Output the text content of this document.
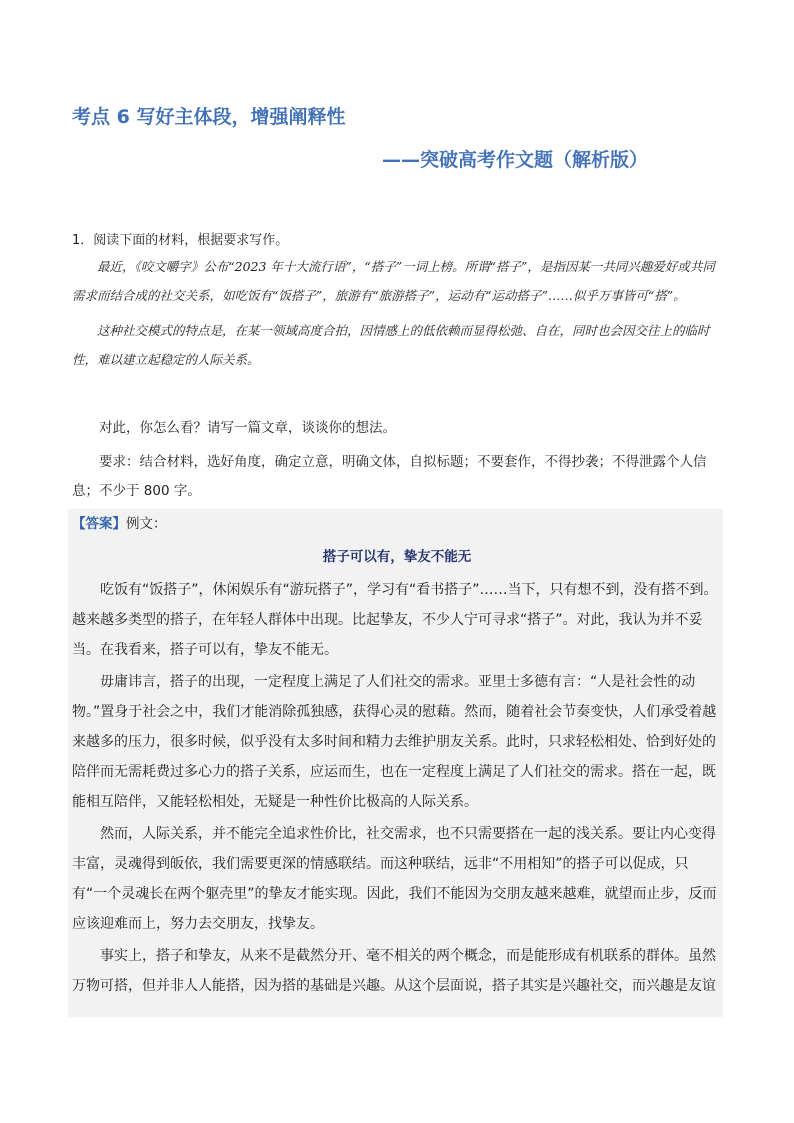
考点 6 写好主体段，增强阐释性
——突破高考作文题（解析版）
1．阅读下面的材料，根据要求写作。

最近，《咬文嚼字》公布“2023 年十大流行语”，“搭子”一词上榜。所谓“搭子”，是指因某一共同兴趣爱好或共同需求而结合成的社交关系，如吃饭有“饭搭子”，旅游有“旅游搭子”，运动有“运动搭子”……似乎万事皆可“搭”。

这种社交模式的特点是，在某一领域高度合拍，因情感上的低依赖而显得松弛、自在，同时也会因交往上的临时性，难以建立起稳定的人际关系。

对此，你怎么看？请写一篇文章，谈谈你的想法。
要求：结合材料，选好角度，确定立意，明确文体，自拟标题；不要套作，不得抄袭；不得泄露个人信息；不少于 800 字。
【答案】例文：
搭子可以有，挚友不能无

吃饭有“饭搭子”，休闲娱乐有“游玩搭子”，学习有“看书搭子”……当下，只有想不到，没有搭不到。越来越多类型的搭子，在年轻人群体中出现。比起挚友，不少人宁可寻求“搭子”。对此，我认为并不妥当。在我看来，搭子可以有，挚友不能无。

毋庸讳言，搭子的出现，一定程度上满足了人们社交的需求。亚里士多德有言：“人是社会性的动物。”置身于社会之中，我们才能消除孤独感，获得心灵的慰藉。然而，随着社会节奏变快，人们承受着越来越多的压力，很多时候，似乎没有太多时间和精力去维护朋友关系。此时，只求轻松相处、恰到好处的陪伴而无需耗费过多心力的搭子关系，应运而生，也在一定程度上满足了人们社交的需求。搭在一起，既能相互陪伴，又能轻松相处，无疑是一种性价比极高的人际关系。

然而，人际关系，并不能完全追求性价比，社交需求，也不只需要搭在一起的浅关系。要让内心变得丰富，灵魂得到皈依，我们需要更深的情感联结。而这种联结，远非“不用相知”的搭子可以促成，只有“一个灵魂长在两个躯壳里”的挚友才能实现。因此，我们不能因为交朋友越来越难，就望而止步，反而应该迎难而上，努力去交朋友，找挚友。

事实上，搭子和挚友，从来不是截然分开、毫不相关的两个概念，而是能形成有机联系的群体。虽然万物可搭，但并非人人能搭，因为搭的基础是兴趣。从这个层面说，搭子其实是兴趣社交，而兴趣是友谊
